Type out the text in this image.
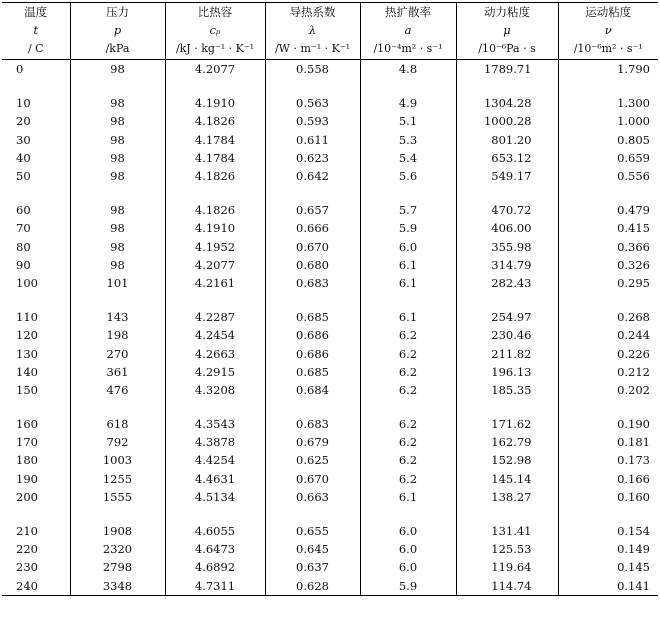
温度	压力	比热容	导热系数	热扩散率	动力粘度	运动粘度
t	p	cₚ	λ	a	μ	ν
/ C	/kPa	/kJ · kg⁻¹ · K⁻¹	/W · m⁻¹ · K⁻¹	/10⁻⁴m² · s⁻¹	/10⁻⁶Pa · s	/10⁻⁶m² · s⁻¹
0	98	4.2077	0.558	4.8	1789.71	1.790

10	98	4.1910	0.563	4.9	1304.28	1.300
20	98	4.1826	0.593	5.1	1000.28	1.000
30	98	4.1784	0.611	5.3	801.20	0.805
40	98	4.1784	0.623	5.4	653.12	0.659
50	98	4.1826	0.642	5.6	549.17	0.556

60	98	4.1826	0.657	5.7	470.72	0.479
70	98	4.1910	0.666	5.9	406.00	0.415
80	98	4.1952	0.670	6.0	355.98	0.366
90	98	4.2077	0.680	6.1	314.79	0.326
100	101	4.2161	0.683	6.1	282.43	0.295

110	143	4.2287	0.685	6.1	254.97	0.268
120	198	4.2454	0.686	6.2	230.46	0.244
130	270	4.2663	0.686	6.2	211.82	0.226
140	361	4.2915	0.685	6.2	196.13	0.212
150	476	4.3208	0.684	6.2	185.35	0.202

160	618	4.3543	0.683	6.2	171.62	0.190
170	792	4.3878	0.679	6.2	162.79	0.181
180	1003	4.4254	0.625	6.2	152.98	0.173
190	1255	4.4631	0.670	6.2	145.14	0.166
200	1555	4.5134	0.663	6.1	138.27	0.160

210	1908	4.6055	0.655	6.0	131.41	0.154
220	2320	4.6473	0.645	6.0	125.53	0.149
230	2798	4.6892	0.637	6.0	119.64	0.145
240	3348	4.7311	0.628	5.9	114.74	0.141
